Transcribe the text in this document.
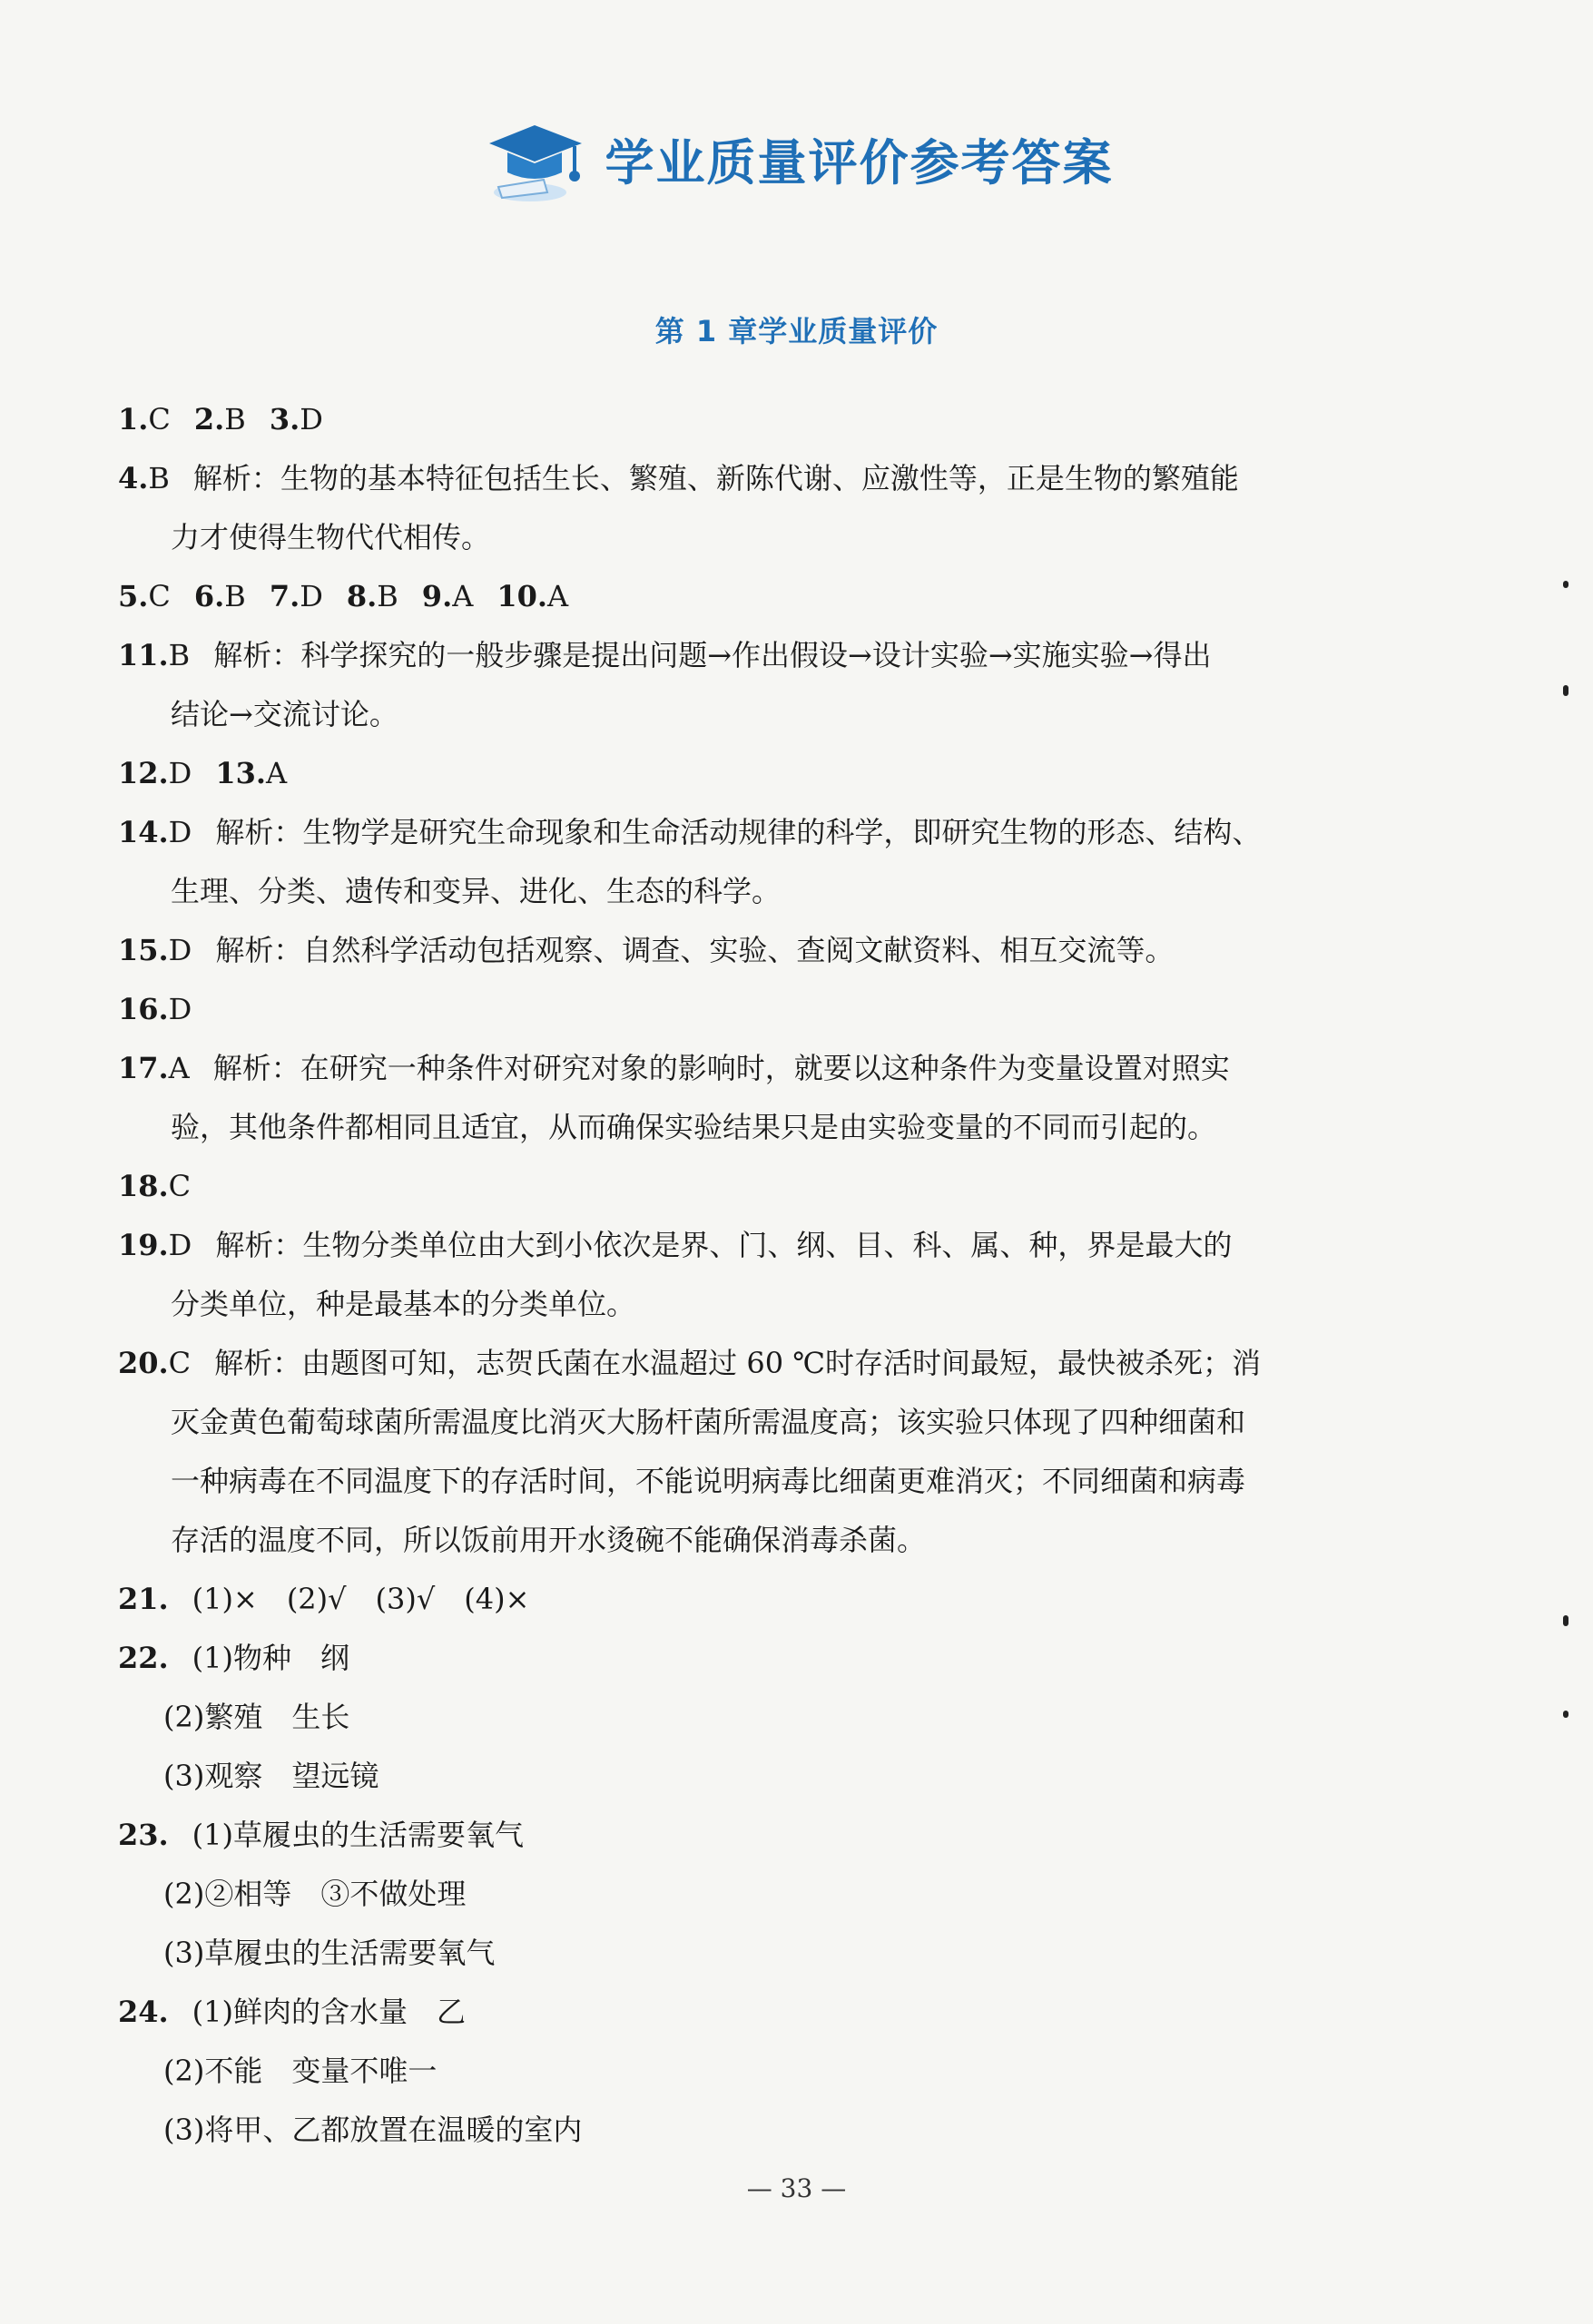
学业质量评价参考答案
第 1 章学业质量评价
1.C 2.B 3.D
4.B 解析：生物的基本特征包括生长、繁殖、新陈代谢、应激性等，正是生物的繁殖能
力才使得生物代代相传。
5.C 6.B 7.D 8.B 9.A 10.A
11.B 解析：科学探究的一般步骤是提出问题→作出假设→设计实验→实施实验→得出
结论→交流讨论。
12.D 13.A
14.D 解析：生物学是研究生命现象和生命活动规律的科学，即研究生物的形态、结构、
生理、分类、遗传和变异、进化、生态的科学。
15.D 解析：自然科学活动包括观察、调查、实验、查阅文献资料、相互交流等。
16.D
17.A 解析：在研究一种条件对研究对象的影响时，就要以这种条件为变量设置对照实
验，其他条件都相同且适宜，从而确保实验结果只是由实验变量的不同而引起的。
18.C
19.D 解析：生物分类单位由大到小依次是界、门、纲、目、科、属、种，界是最大的
分类单位，种是最基本的分类单位。
20.C 解析：由题图可知，志贺氏菌在水温超过 60 ℃时存活时间最短，最快被杀死；消
灭金黄色葡萄球菌所需温度比消灭大肠杆菌所需温度高；该实验只体现了四种细菌和
一种病毒在不同温度下的存活时间，不能说明病毒比细菌更难消灭；不同细菌和病毒
存活的温度不同，所以饭前用开水烫碗不能确保消毒杀菌。
21. (1)×　(2)√　(3)√　(4)×
22. (1)物种　纲
(2)繁殖　生长
(3)观察　望远镜
23. (1)草履虫的生活需要氧气
(2)②相等　③不做处理
(3)草履虫的生活需要氧气
24. (1)鲜肉的含水量　乙
(2)不能　变量不唯一
(3)将甲、乙都放置在温暖的室内
— 33 —
